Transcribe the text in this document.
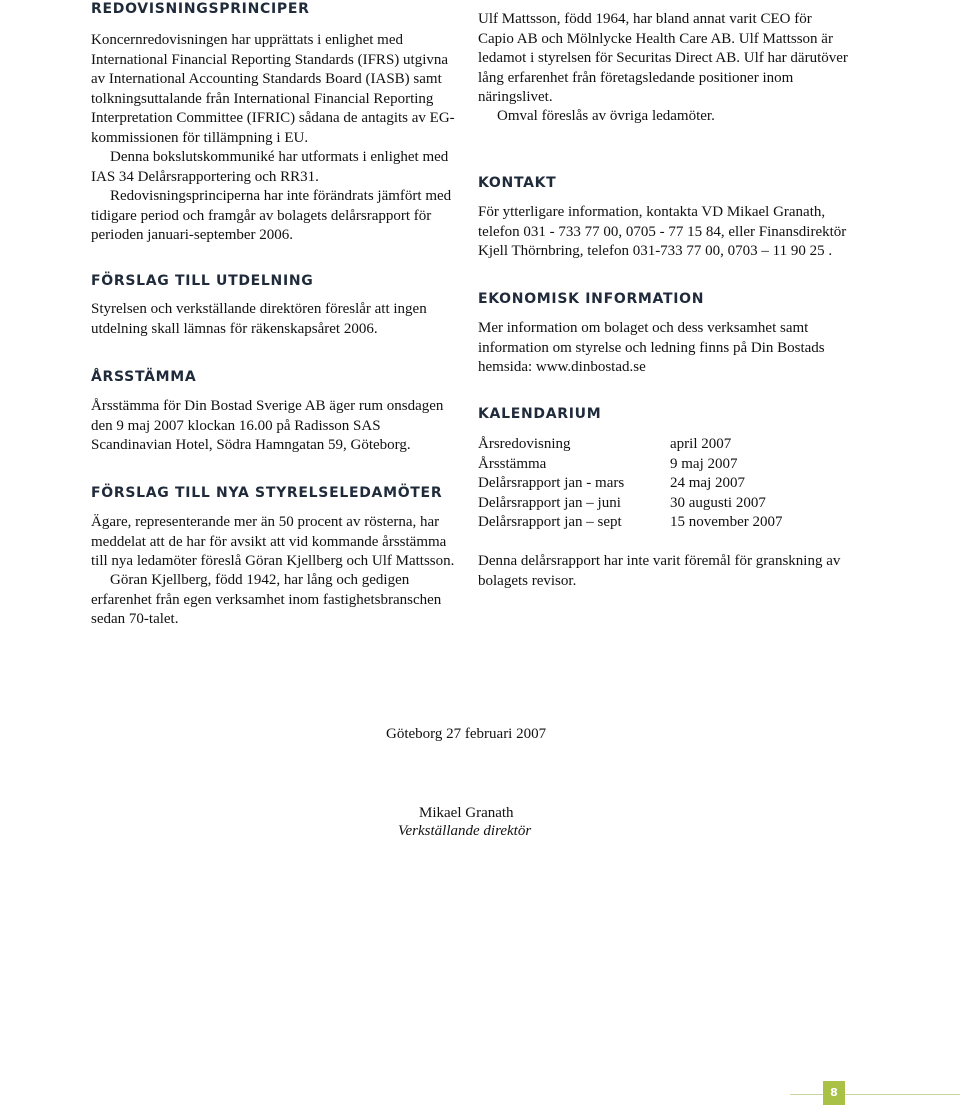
REDOVISNINGSPRINCIPER

Koncernredovisningen har upprättats i enlighet med International Financial Reporting Standards (IFRS) utgivna av International Accounting Standards Board (IASB) samt tolkningsuttalande från International Financial Reporting Interpretation Committee (IFRIC) sådana de antagits av EG-kommissionen för tillämpning i EU.

Denna bokslutskommuniké har utformats i enlighet med IAS 34 Delårsrapportering och RR31.

Redovisningsprinciperna har inte förändrats jämfört med tidigare period och framgår av bolagets delårsrapport för perioden januari-september 2006.

FÖRSLAG TILL UTDELNING

Styrelsen och verkställande direktören föreslår att ingen utdelning skall lämnas för räkenskapsåret 2006.

ÅRSSTÄMMA

Årsstämma för Din Bostad Sverige AB äger rum onsdagen den 9 maj 2007 klockan 16.00 på Radisson SAS Scandinavian Hotel, Södra Hamngatan 59, Göteborg.

FÖRSLAG TILL NYA STYRELSELEDAMÖTER

Ägare, representerande mer än 50 procent av rösterna, har meddelat att de har för avsikt att vid kommande årsstämma till nya ledamöter föreslå Göran Kjellberg och Ulf Mattsson.

Göran Kjellberg, född 1942, har lång och gedigen erfarenhet från egen verksamhet inom fastighetsbranschen sedan 70-talet.

Ulf Mattsson, född 1964, har bland annat varit CEO för Capio AB och Mölnlycke Health Care AB. Ulf Mattsson är ledamot i styrelsen för Securitas Direct AB. Ulf har därutöver lång erfarenhet från företagsledande positioner inom näringslivet.

Omval föreslås av övriga ledamöter.

KONTAKT

För ytterligare information, kontakta VD Mikael Granath, telefon 031 - 733 77 00, 0705 - 77 15 84, eller Finansdirektör Kjell Thörnbring, telefon 031-733 77 00, 0703 – 11 90 25 .

EKONOMISK INFORMATION

Mer information om bolaget och dess verksamhet samt information om styrelse och ledning finns på Din Bostads hemsida: www.dinbostad.se

KALENDARIUM
Årsredovisning	april 2007
Årsstämma	9 maj 2007
Delårsrapport jan - mars	24 maj 2007
Delårsrapport jan – juni	30 augusti 2007
Delårsrapport jan – sept	15 november 2007

Denna delårsrapport har inte varit föremål för granskning av bolagets revisor.

Göteborg 27 februari 2007
Mikael Granath
Verkställande direktör
8
